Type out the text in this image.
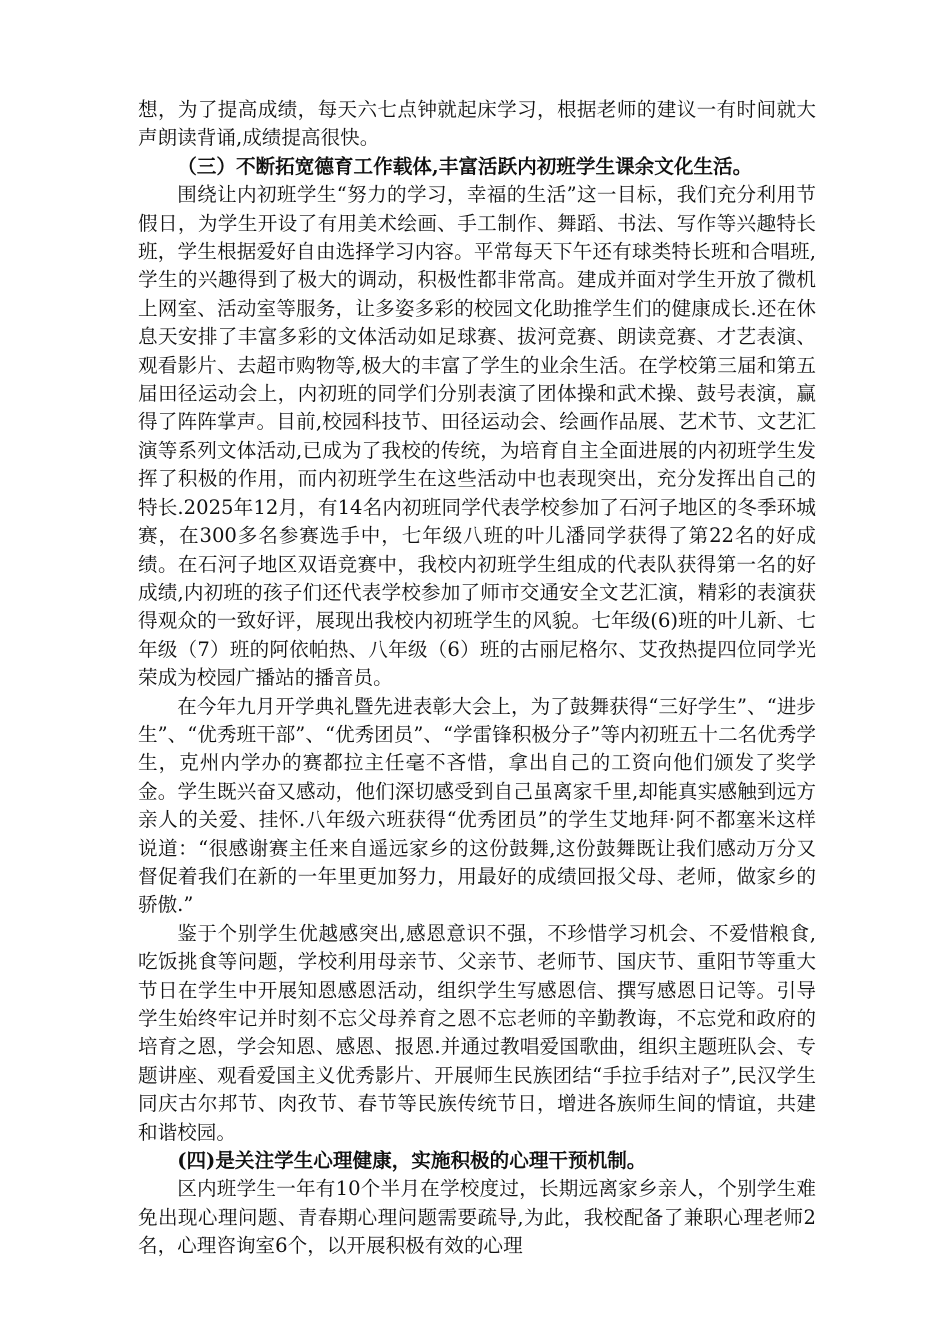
想，为了提高成绩，每天六七点钟就起床学习，根据老师的建议一有时间就大声朗读背诵,成绩提高很快。

（三）不断拓宽德育工作载体,丰富活跃内初班学生课余文化生活。

围绕让内初班学生“努力的学习，幸福的生活”这一目标，我们充分利用节假日，为学生开设了有用美术绘画、手工制作、舞蹈、书法、写作等兴趣特长班，学生根据爱好自由选择学习内容。平常每天下午还有球类特长班和合唱班,学生的兴趣得到了极大的调动，积极性都非常高。建成并面对学生开放了微机上网室、活动室等服务，让多姿多彩的校园文化助推学生们的健康成长.还在休息天安排了丰富多彩的文体活动如足球赛、拔河竞赛、朗读竞赛、才艺表演、观看影片、去超市购物等,极大的丰富了学生的业余生活。在学校第三届和第五届田径运动会上，内初班的同学们分别表演了团体操和武术操、鼓号表演，赢得了阵阵掌声。目前,校园科技节、田径运动会、绘画作品展、艺术节、文艺汇演等系列文体活动,已成为了我校的传统，为培育自主全面进展的内初班学生发挥了积极的作用，而内初班学生在这些活动中也表现突出，充分发挥出自己的特长.2025年12月，有14名内初班同学代表学校参加了石河子地区的冬季环城赛，在300多名参赛选手中，七年级八班的叶儿潘同学获得了第22名的好成绩。在石河子地区双语竞赛中，我校内初班学生组成的代表队获得第一名的好成绩,内初班的孩子们还代表学校参加了师市交通安全文艺汇演，精彩的表演获得观众的一致好评，展现出我校内初班学生的风貌。七年级(6)班的叶儿新、七年级（7）班的阿依帕热、八年级（6）班的古丽尼格尔、艾孜热提四位同学光荣成为校园广播站的播音员。

在今年九月开学典礼暨先进表彰大会上，为了鼓舞获得“三好学生”、“进步生”、“优秀班干部”、“优秀团员”、“学雷锋积极分子”等内初班五十二名优秀学生，克州内学办的赛都拉主任毫不吝惜，拿出自己的工资向他们颁发了奖学金。学生既兴奋又感动，他们深切感受到自己虽离家千里,却能真实感触到远方亲人的关爱、挂怀.八年级六班获得“优秀团员”的学生艾地拜·阿不都塞米这样说道：“很感谢赛主任来自遥远家乡的这份鼓舞,这份鼓舞既让我们感动万分又督促着我们在新的一年里更加努力，用最好的成绩回报父母、老师，做家乡的骄傲.”

鉴于个别学生优越感突出,感恩意识不强，不珍惜学习机会、不爱惜粮食,吃饭挑食等问题，学校利用母亲节、父亲节、老师节、国庆节、重阳节等重大节日在学生中开展知恩感恩活动，组织学生写感恩信、撰写感恩日记等。引导学生始终牢记并时刻不忘父母养育之恩不忘老师的辛勤教诲，不忘党和政府的培育之恩，学会知恩、感恩、报恩.并通过教唱爱国歌曲，组织主题班队会、专题讲座、观看爱国主义优秀影片、开展师生民族团结“手拉手结对子”,民汉学生同庆古尔邦节、肉孜节、春节等民族传统节日，增进各族师生间的情谊，共建和谐校园。

(四)是关注学生心理健康，实施积极的心理干预机制。

区内班学生一年有10个半月在学校度过，长期远离家乡亲人，个别学生难免出现心理问题、青春期心理问题需要疏导,为此，我校配备了兼职心理老师2名，心理咨询室6个，以开展积极有效的心理
